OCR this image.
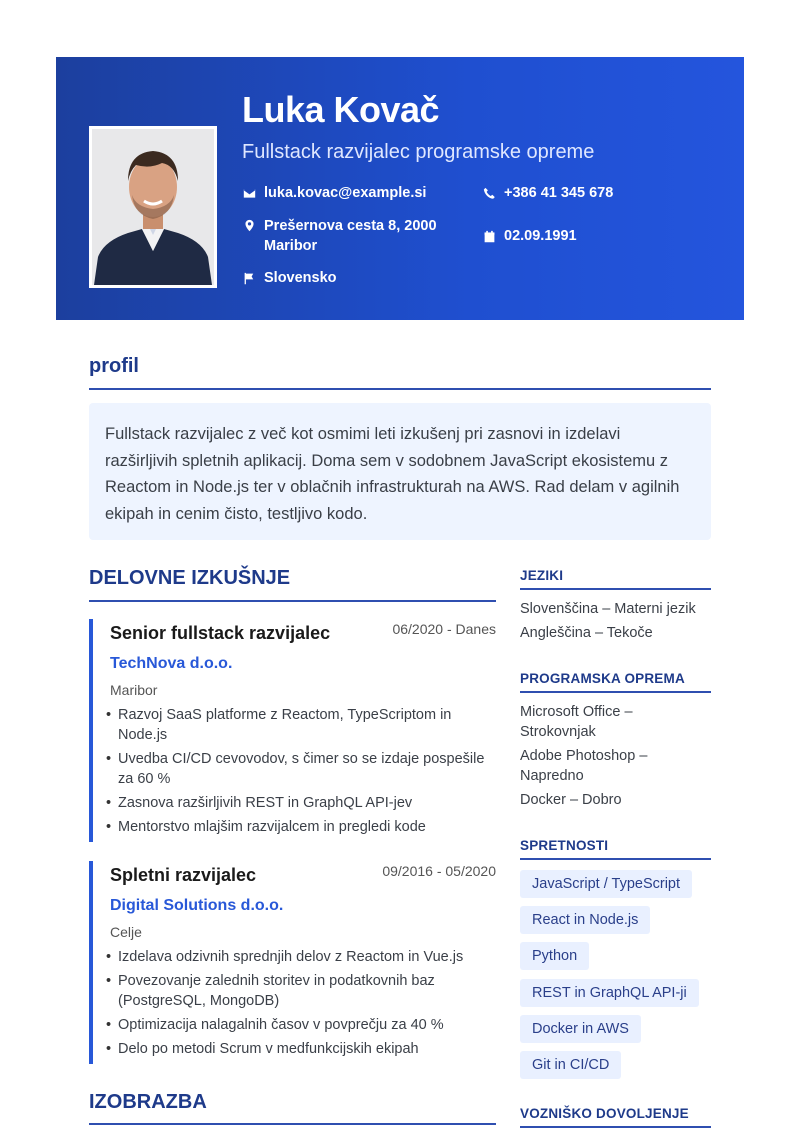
Luka Kovač
Fullstack razvijalec programske opreme
luka.kovac@example.si	+386 41 345 678
Prešernova cesta 8, 2000 Maribor
02.09.1991
Slovensko
profil
Fullstack razvijalec z več kot osmimi leti izkušenj pri zasnovi in izdelavi razširljivih spletnih aplikacij. Doma sem v sodobnem JavaScript ekosistemu z Reactom in Node.js ter v oblačnih infrastrukturah na AWS. Rad delam v agilnih ekipah in cenim čisto, testljivo kodo.
DELOVNE IZKUŠNJE
Senior fullstack razvijalec	06/2020 - Danes
TechNova d.o.o.
Maribor
• Razvoj SaaS platforme z Reactom, TypeScriptom in Node.js
• Uvedba CI/CD cevovodov, s čimer so se izdaje pospešile za 60 %
• Zasnova razširljivih REST in GraphQL API-jev
• Mentorstvo mlajšim razvijalcem in pregledi kode
Spletni razvijalec	09/2016 - 05/2020
Digital Solutions d.o.o.
Celje
• Izdelava odzivnih sprednjih delov z Reactom in Vue.js
• Povezovanje zalednih storitev in podatkovnih baz (PostgreSQL, MongoDB)
• Optimizacija nalagalnih časov v povprečju za 40 %
• Delo po metodi Scrum v medfunkcijskih ekipah
IZOBRAZBA
JEZIKI
Slovenščina – Materni jezik
Angleščina – Tekoče
PROGRAMSKA OPREMA
Microsoft Office – Strokovnjak
Adobe Photoshop – Napredno
Docker – Dobro
SPRETNOSTI
JavaScript / TypeScript
React in Node.js
Python
REST in GraphQL API-ji
Docker in AWS
Git in CI/CD
VOZNIŠKO DOVOLJENJE
